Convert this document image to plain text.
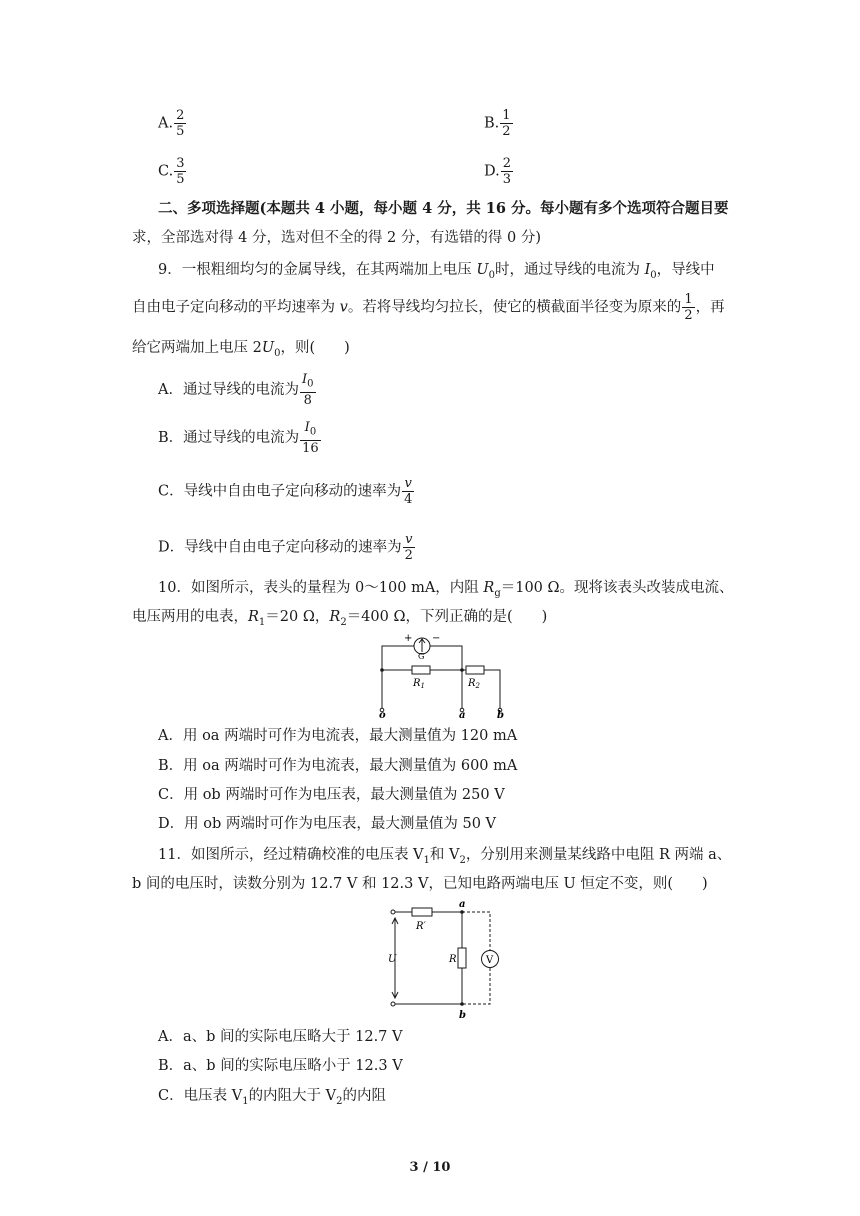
A. $\frac{2}{5}$	B. $\frac{1}{2}$
C. $\frac{3}{5}$	D. $\frac{2}{3}$
二、多项选择题(本题共 4 小题，每小题 4 分，共 16 分。每小题有多个选项符合题目要
求，全部选对得 4 分，选对但不全的得 2 分，有选错的得 0 分)
9．一根粗细均匀的金属导线，在其两端加上电压 $U_0$时，通过导线的电流为 $I_0$，导线中
自由电子定向移动的平均速率为 v。若将导线均匀拉长，使它的横截面半径变为原来的 $\frac{1}{2}$ ，再
给它两端加上电压 $2U_0$，则(　　)
A．通过导线的电流为 $\frac{I_0}{8}$
B．通过导线的电流为 $\frac{I_0}{16}$
C．导线中自由电子定向移动的速率为 $\frac{v}{4}$
D．导线中自由电子定向移动的速率为 $\frac{v}{2}$
10．如图所示，表头的量程为 0～100 mA，内阻 $R_g=100$ Ω。现将该表头改装成电流、
电压两用的电表，$R_1=20$ Ω，$R_2=400$ Ω，下列正确的是(　　)
+ −
G
$R_1$	$R_2$
o	a	b
A．用 oa 两端时可作为电流表，最大测量值为 120 mA
B．用 oa 两端时可作为电流表，最大测量值为 600 mA
C．用 ob 两端时可作为电压表，最大测量值为 250 V
D．用 ob 两端时可作为电压表，最大测量值为 50 V
11．如图所示，经过精确校准的电压表 $V_1$和 $V_2$，分别用来测量某线路中电阻 R 两端 a、
b 间的电压时，读数分别为 12.7 V 和 12.3 V，已知电路两端电压 U 恒定不变，则(　　)
a
b
R′
R
U	V
A．a、b 间的实际电压略大于 12.7 V
B．a、b 间的实际电压略小于 12.3 V
C．电压表 $V_1$的内阻大于 $V_2$的内阻
3 / 10
